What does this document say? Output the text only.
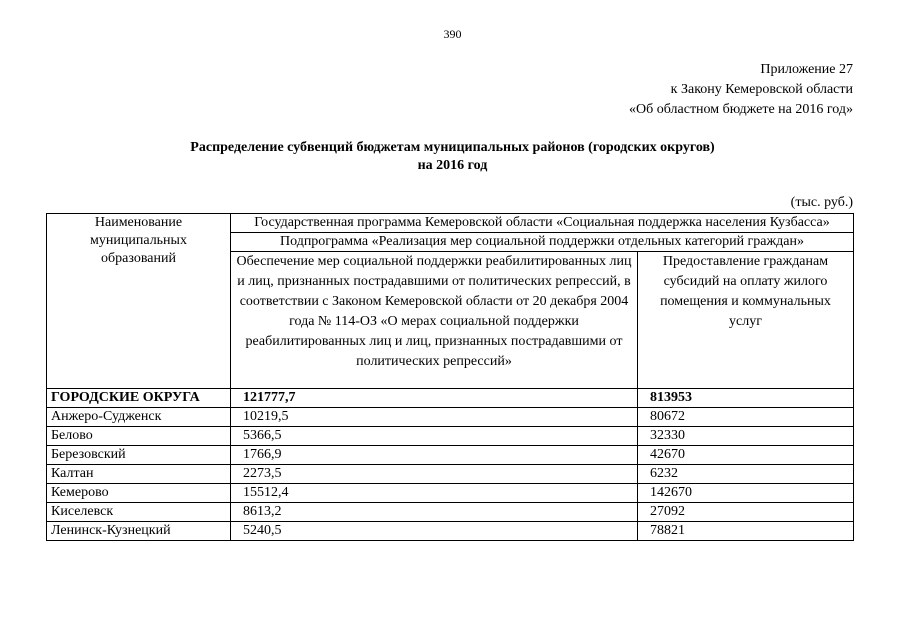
390
Приложение 27
к Закону Кемеровской области
«Об областном бюджете на 2016 год»
Распределение субвенций бюджетам муниципальных районов (городских округов)
на 2016 год
(тыс. руб.)
Наименование муниципальных образований	Государственная программа Кемеровской области «Социальная поддержка населения Кузбасса»	
	Подпрограмма «Реализация мер социальной поддержки отдельных категорий граждан»	
	Обеспечение мер социальной поддержки реабилитированных лиц и лиц, признанных пострадавшими от политических репрессий, в соответствии с Законом Кемеровской области от 20 декабря 2004 года № 114-ОЗ «О мерах социальной поддержки реабилитированных лиц и лиц, признанных пострадавшими от политических репрессий»	Предоставление гражданам субсидий на оплату жилого помещения и коммунальных услуг
ГОРОДСКИЕ ОКРУГА	121777,7	813953
Анжеро-Судженск	10219,5	80672
Белово	5366,5	32330
Березовский	1766,9	42670
Калтан	2273,5	6232
Кемерово	15512,4	142670
Киселевск	8613,2	27092
Ленинск-Кузнецкий	5240,5	78821
